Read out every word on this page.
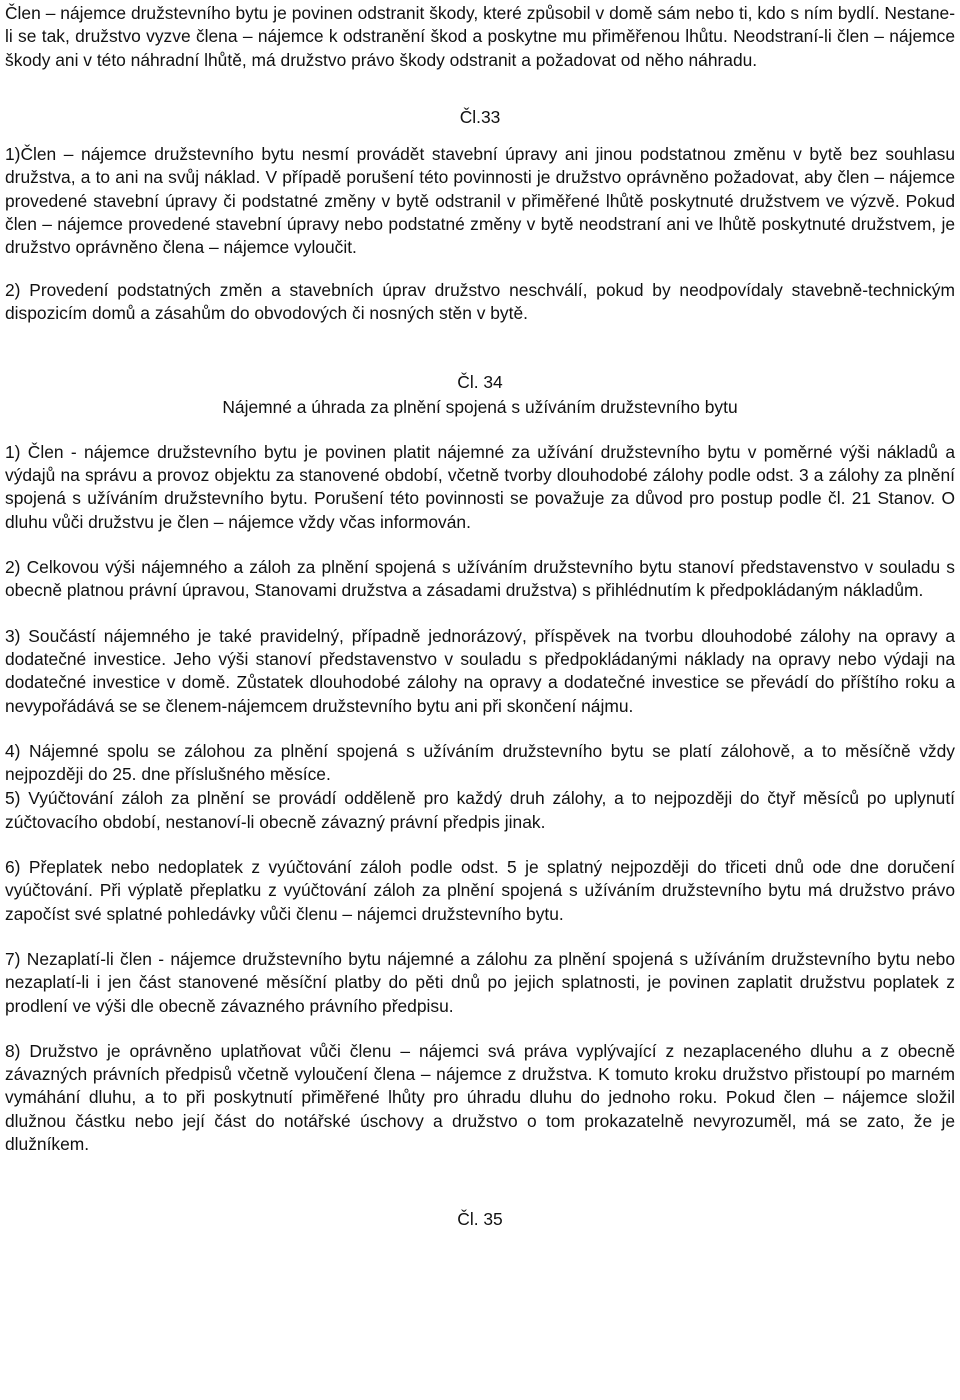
Člen – nájemce družstevního bytu je povinen odstranit škody, které způsobil v domě sám nebo ti, kdo s ním bydlí. Nestane-li se tak, družstvo vyzve člena – nájemce k odstranění škod a poskytne mu přiměřenou lhůtu. Neodstraní-li člen – nájemce škody ani v této náhradní lhůtě, má družstvo právo škody odstranit a požadovat od něho náhradu.

Čl.33

1)Člen – nájemce družstevního bytu nesmí provádět stavební úpravy ani jinou podstatnou změnu v bytě bez souhlasu družstva, a to ani na svůj náklad. V případě porušení této povinnosti je družstvo oprávněno požadovat, aby člen – nájemce provedené stavební úpravy či podstatné změny v bytě odstranil v přiměřené lhůtě poskytnuté družstvem ve výzvě. Pokud člen – nájemce provedené stavební úpravy nebo podstatné změny v bytě neodstraní ani ve lhůtě poskytnuté družstvem, je družstvo oprávněno člena – nájemce vyloučit.

2) Provedení podstatných změn a stavebních úprav družstvo neschválí, pokud by neodpovídaly stavebně-technickým dispozicím domů a zásahům do obvodových či nosných stěn v bytě.

Čl. 34
Nájemné a úhrada za plnění spojená s užíváním družstevního bytu

1) Člen - nájemce družstevního bytu je povinen platit nájemné za užívání družstevního bytu v poměrné výši nákladů a výdajů na správu a provoz objektu za stanovené období, včetně tvorby dlouhodobé zálohy podle odst. 3 a zálohy za plnění spojená s užíváním družstevního bytu. Porušení této povinnosti se považuje za důvod pro postup podle čl. 21 Stanov. O dluhu vůči družstvu je člen – nájemce vždy včas informován.

2) Celkovou výši nájemného a záloh za plnění spojená s užíváním družstevního bytu stanoví představenstvo v souladu s obecně platnou právní úpravou, Stanovami družstva a zásadami družstva) s přihlédnutím k předpokládaným nákladům.

3) Součástí nájemného je také pravidelný, případně jednorázový, příspěvek na tvorbu dlouhodobé zálohy na opravy a dodatečné investice. Jeho výši stanoví představenstvo v souladu s předpokládanými náklady na opravy nebo výdaji na dodatečné investice v domě. Zůstatek dlouhodobé zálohy na opravy a dodatečné investice se převádí do příštího roku a nevypořádává se se členem-nájemcem družstevního bytu ani při skončení nájmu.

4) Nájemné spolu se zálohou za plnění spojená s užíváním družstevního bytu se platí zálohově, a to měsíčně vždy nejpozději do 25. dne příslušného měsíce.

5) Vyúčtování záloh za plnění se provádí odděleně pro každý druh zálohy, a to nejpozději do čtyř měsíců po uplynutí zúčtovacího období, nestanoví-li obecně závazný právní předpis jinak.

6) Přeplatek nebo nedoplatek z vyúčtování záloh podle odst. 5 je splatný nejpozději do třiceti dnů ode dne doručení vyúčtování. Při výplatě přeplatku z vyúčtování záloh za plnění spojená s užíváním družstevního bytu má družstvo právo započíst své splatné pohledávky vůči členu – nájemci družstevního bytu.

7) Nezaplatí-li člen - nájemce družstevního bytu nájemné a zálohu za plnění spojená s užíváním družstevního bytu nebo nezaplatí-li i jen část stanovené měsíční platby do pěti dnů po jejich splatnosti, je povinen zaplatit družstvu poplatek z prodlení ve výši dle obecně závazného právního předpisu.

8) Družstvo je oprávněno uplatňovat vůči členu – nájemci svá práva vyplývající z nezaplaceného dluhu a z obecně závazných právních předpisů včetně vyloučení člena – nájemce z družstva. K tomuto kroku družstvo přistoupí po marném vymáhání dluhu, a to při poskytnutí přiměřené lhůty pro úhradu dluhu do jednoho roku. Pokud člen – nájemce složil dlužnou částku nebo její část do notářské úschovy a družstvo o tom prokazatelně nevyrozuměl, má se zato, že je dlužníkem.

Čl. 35
